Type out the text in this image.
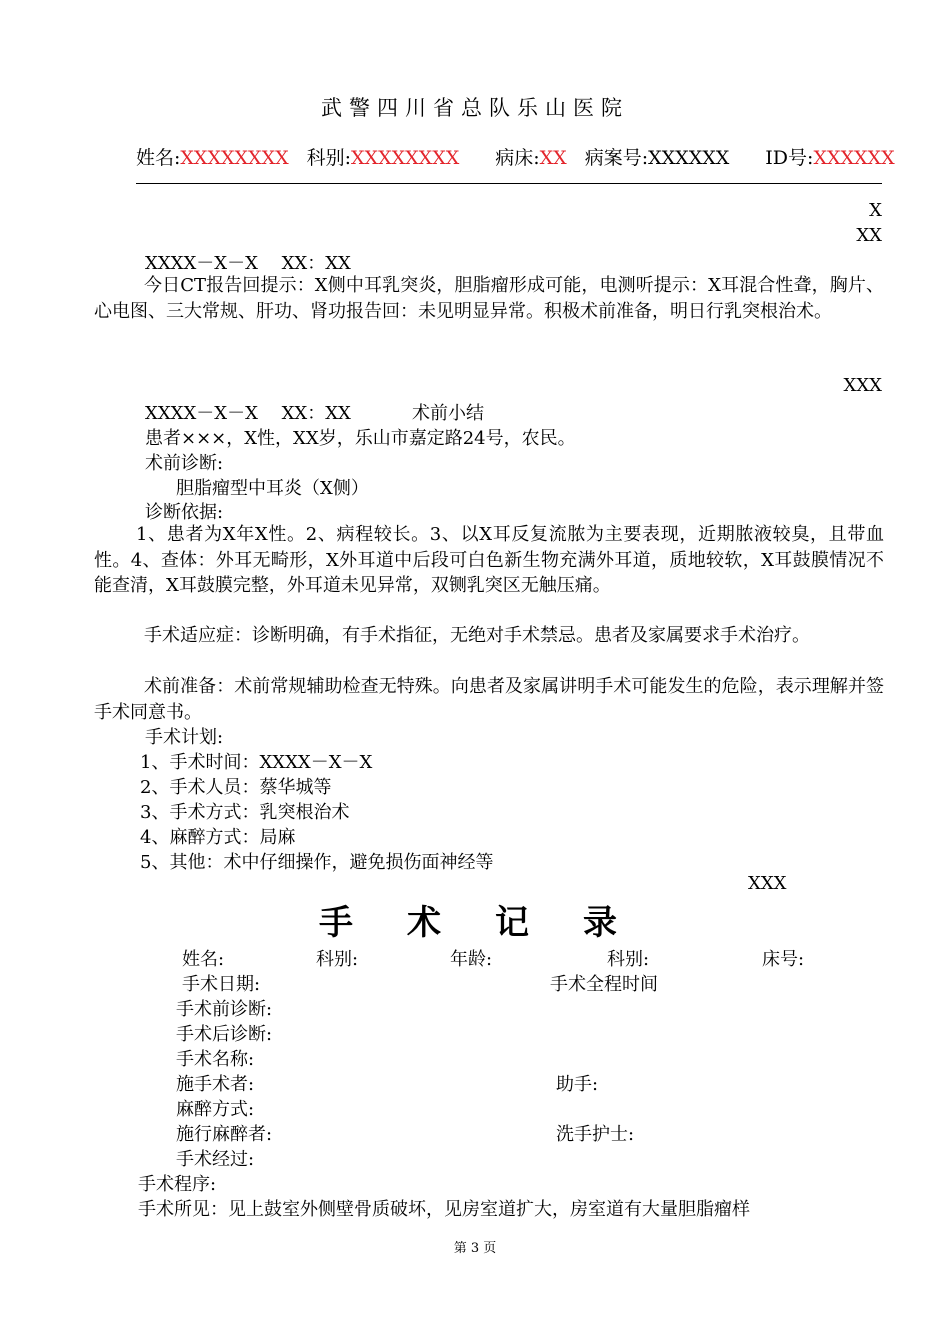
武警四川省总队乐山医院
姓名:XXXXXXXX 科别:XXXXXXXX 病床:XX 病案号:XXXXXX ID号:XXXXXX
X
XX
XXXX－X－X　 XX：XX
今日CT报告回提示：X侧中耳乳突炎，胆脂瘤形成可能，电测听提示：X耳混合性聋，胸片、心电图、三大常规、肝功、肾功报告回：未见明显异常。积极术前准备，明日行乳突根治术。
XXX
XXXX－X－X　 XX：XX	术前小结
患者×××，X性，XX岁，乐山市嘉定路24号，农民。
术前诊断:
胆脂瘤型中耳炎（X侧）
诊断依据:
1、患者为X年X性。2、病程较长。3、以X耳反复流脓为主要表现，近期脓液较臭，且带血性。4、查体：外耳无畸形，X外耳道中后段可白色新生物充满外耳道，质地较软，X耳鼓膜情况不能查清，X耳鼓膜完整，外耳道未见异常，双铡乳突区无触压痛。
手术适应症：诊断明确，有手术指征，无绝对手术禁忌。患者及家属要求手术治疗。
术前准备：术前常规辅助检查无特殊。向患者及家属讲明手术可能发生的危险，表示理解并签手术同意书。
手术计划:
1、手术时间：XXXX－X－X
2、手术人员：蔡华城等
3、手术方式：乳突根治术
4、麻醉方式：局麻
5、其他：术中仔细操作，避免损伤面神经等
XXX
手术记录
姓名:	科别:	年龄:	科别:	床号:
手术日期:	手术全程时间
手术前诊断:
手术后诊断:
手术名称:
施手术者:	助手:
麻醉方式:
施行麻醉者:	洗手护士:
手术经过:
手术程序:
手术所见：见上鼓室外侧壁骨质破坏，见房室道扩大，房室道有大量胆脂瘤样
第 3 页
